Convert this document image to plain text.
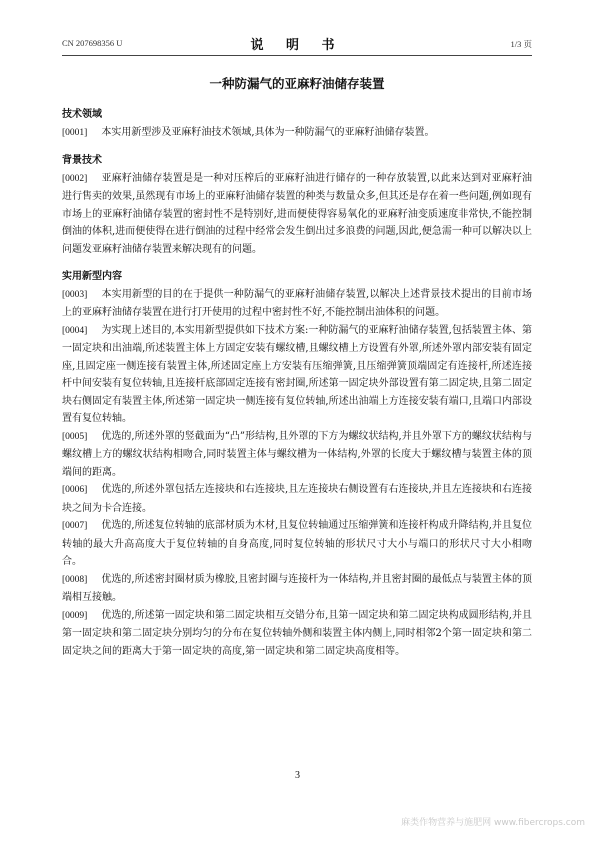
CN 207698356 U	说 明 书	1/3 页
一种防漏气的亚麻籽油储存装置

技术领域

[0001] 本实用新型涉及亚麻籽油技术领域,具体为一种防漏气的亚麻籽油储存装置。

背景技术

[0002] 亚麻籽油储存装置是是一种对压榨后的亚麻籽油进行储存的一种存放装置,以此来达到对亚麻籽油进行售卖的效果,虽然现有市场上的亚麻籽油储存装置的种类与数量众多,但其还是存在着一些问题,例如现有市场上的亚麻籽油储存装置的密封性不是特别好,进而便使得容易氧化的亚麻籽油变质速度非常快,不能控制倒油的体积,进而便使得在进行倒油的过程中经常会发生倒出过多浪费的问题,因此,便急需一种可以解决以上问题发亚麻籽油储存装置来解决现有的问题。

实用新型内容

[0003] 本实用新型的目的在于提供一种防漏气的亚麻籽油储存装置,以解决上述背景技术提出的目前市场上的亚麻籽油储存装置在进行打开使用的过程中密封性不好,不能控制出油体积的问题。

[0004] 为实现上述目的,本实用新型提供如下技术方案:一种防漏气的亚麻籽油储存装置,包括装置主体、第一固定块和出油端,所述装置主体上方固定安装有螺纹槽,且螺纹槽上方设置有外罩,所述外罩内部安装有固定座,且固定座一侧连接有装置主体,所述固定座上方安装有压缩弹簧,且压缩弹簧顶端固定有连接杆,所述连接杆中间安装有复位转轴,且连接杆底部固定连接有密封圈,所述第一固定块外部设置有第二固定块,且第二固定块右侧固定有装置主体,所述第一固定块一侧连接有复位转轴,所述出油端上方连接安装有端口,且端口内部设置有复位转轴。

[0005] 优选的,所述外罩的竖截面为“凸”形结构,且外罩的下方为螺纹状结构,并且外罩下方的螺纹状结构与螺纹槽上方的螺纹状结构相吻合,同时装置主体与螺纹槽为一体结构,外罩的长度大于螺纹槽与装置主体的顶端间的距离。

[0006] 优选的,所述外罩包括左连接块和右连接块,且左连接块右侧设置有右连接块,并且左连接块和右连接块之间为卡合连接。

[0007] 优选的,所述复位转轴的底部材质为木材,且复位转轴通过压缩弹簧和连接杆构成升降结构,并且复位转轴的最大升高高度大于复位转轴的自身高度,同时复位转轴的形状尺寸大小与端口的形状尺寸大小相吻合。

[0008] 优选的,所述密封圈材质为橡胶,且密封圈与连接杆为一体结构,并且密封圈的最低点与装置主体的顶端相互接触。

[0009] 优选的,所述第一固定块和第二固定块相互交错分布,且第一固定块和第二固定块构成圆形结构,并且第一固定块和第二固定块分别均匀的分布在复位转轴外侧和装置主体内侧上,同时相邻2个第一固定块和第二固定块之间的距离大于第一固定块的高度,第一固定块和第二固定块高度相等。

3
麻类作物营养与施肥网 www.fibercrops.com
